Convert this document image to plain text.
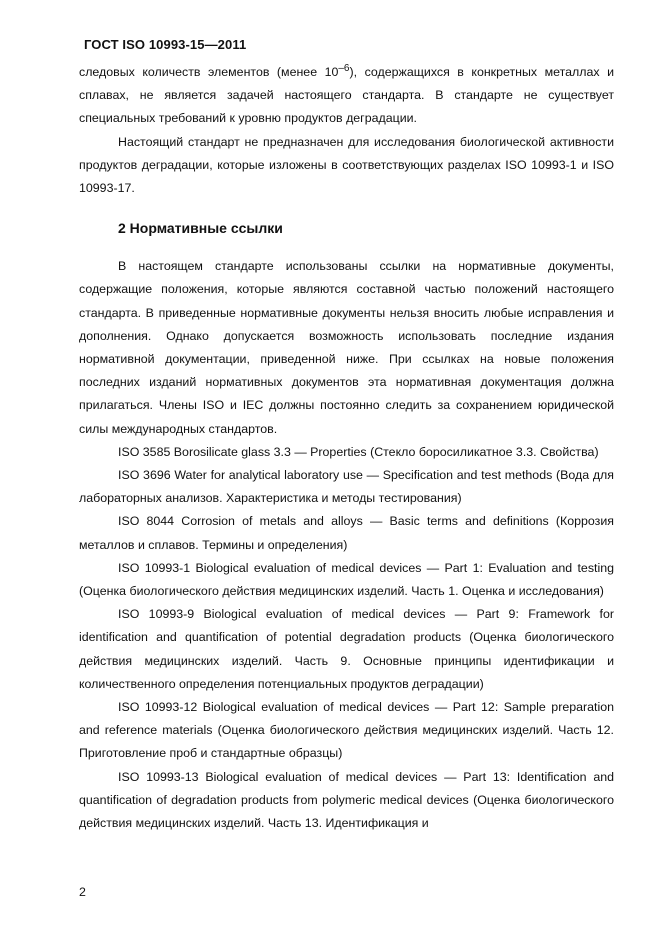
ГОСТ ISO 10993-15—2011

следовых количеств элементов (менее $10^{-6}$), содержащихся в конкретных металлах и сплавах, не является задачей настоящего стандарта. В стандарте не существует специальных требований к уровню продуктов деградации.

Настоящий стандарт не предназначен для исследования биологической активности продуктов деградации, которые изложены в соответствующих разделах ISO 10993-1 и ISO 10993-17.

2 Нормативные ссылки

В настоящем стандарте использованы ссылки на нормативные документы, содержащие положения, которые являются составной частью положений настоящего стандарта. В приведенные нормативные документы нельзя вносить любые исправления и дополнения. Однако допускается возможность использовать последние издания нормативной документации, приведенной ниже. При ссылках на новые положения последних изданий нормативных документов эта нормативная документация должна прилагаться. Члены ISO и IEC должны постоянно следить за сохранением юридической силы международных стандартов.

ISO 3585 Borosilicate glass 3.3 — Properties (Стекло боросиликатное 3.3. Свойства)

ISO 3696 Water for analytical laboratory use — Specification and test methods (Вода для лабораторных анализов. Характеристика и методы тестирования)

ISO 8044 Corrosion of metals and alloys — Basic terms and definitions (Коррозия металлов и сплавов. Термины и определения)

ISO 10993-1 Biological evaluation of medical devices — Part 1: Evaluation and testing (Оценка биологического действия медицинских изделий. Часть 1. Оценка и исследования)

ISO 10993-9 Biological evaluation of medical devices — Part 9: Framework for identification and quantification of potential degradation products (Оценка биологического действия медицинских изделий. Часть 9. Основные принципы идентификации и количественного определения потенциальных продуктов деградации)

ISO 10993-12 Biological evaluation of medical devices — Part 12: Sample preparation and reference materials (Оценка биологического действия медицинских изделий. Часть 12. Приготовление проб и стандартные образцы)

ISO 10993-13 Biological evaluation of medical devices — Part 13: Identification and quantification of degradation products from polymeric medical devices (Оценка биологического действия медицинских изделий. Часть 13. Идентификация и

2
